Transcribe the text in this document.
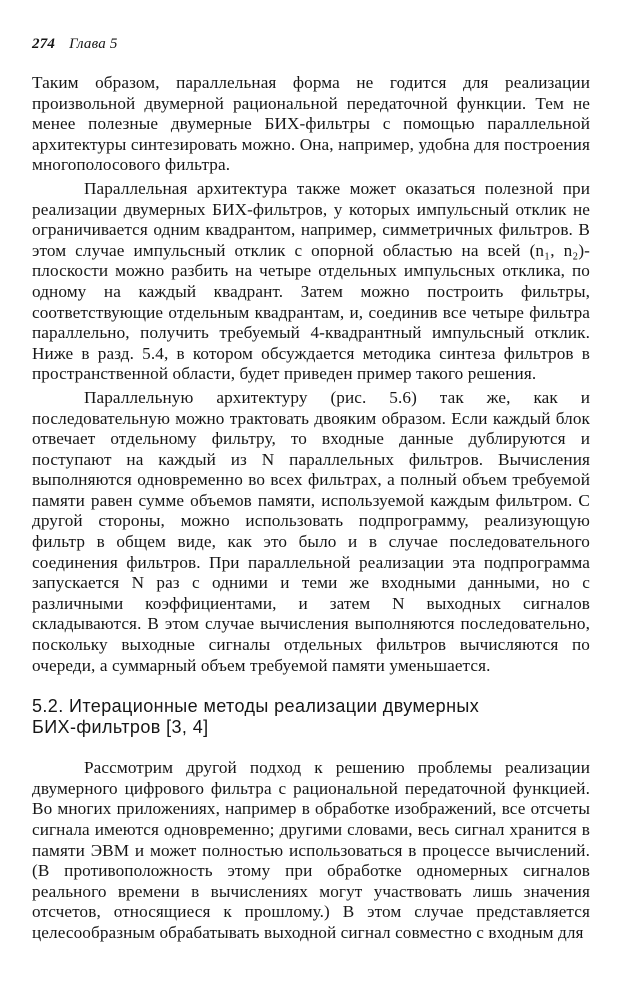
274 Глава 5

Таким образом, параллельная форма не годится для реализации произвольной двумерной рациональной передаточной функции. Тем не менее полезные двумерные БИХ-фильтры с помощью параллельной архитектуры синтезировать можно. Она, например, удобна для построения многополосового фильтра.

Параллельная архитектура также может оказаться полезной при реализации двумерных БИХ-фильтров, у которых импульсный отклик не ограничивается одним квадрантом, например, симметричных фильтров. В этом случае импульсный отклик с опорной областью на всей (n₁, n₂)-плоскости можно разбить на четыре отдельных импульсных отклика, по одному на каждый квадрант. Затем можно построить фильтры, соответствующие отдельным квадрантам, и, соединив все четыре фильтра параллельно, получить требуемый 4-квадрантный импульсный отклик. Ниже в разд. 5.4, в котором обсуждается методика синтеза фильтров в пространственной области, будет приведен пример такого решения.

Параллельную архитектуру (рис. 5.6) так же, как и последовательную можно трактовать двояким образом. Если каждый блок отвечает отдельному фильтру, то входные данные дублируются и поступают на каждый из N параллельных фильтров. Вычисления выполняются одновременно во всех фильтрах, а полный объем требуемой памяти равен сумме объемов памяти, используемой каждым фильтром. С другой стороны, можно использовать подпрограмму, реализующую фильтр в общем виде, как это было и в случае последовательного соединения фильтров. При параллельной реализации эта подпрограмма запускается N раз с одними и теми же входными данными, но с различными коэффициентами, и затем N выходных сигналов складываются. В этом случае вычисления выполняются последовательно, поскольку выходные сигналы отдельных фильтров вычисляются по очереди, а суммарный объем требуемой памяти уменьшается.

5.2. Итерационные методы реализации двумерных
БИХ-фильтров [3, 4]

Рассмотрим другой подход к решению проблемы реализации двумерного цифрового фильтра с рациональной передаточной функцией. Во многих приложениях, например в обработке изображений, все отсчеты сигнала имеются одновременно; другими словами, весь сигнал хранится в памяти ЭВМ и может полностью использоваться в процессе вычислений. (В противоположность этому при обработке одномерных сигналов реального времени в вычислениях могут участвовать лишь значения отсчетов, относящиеся к прошлому.) В этом случае представляется целесообразным обрабатывать выходной сигнал совместно с входным для
